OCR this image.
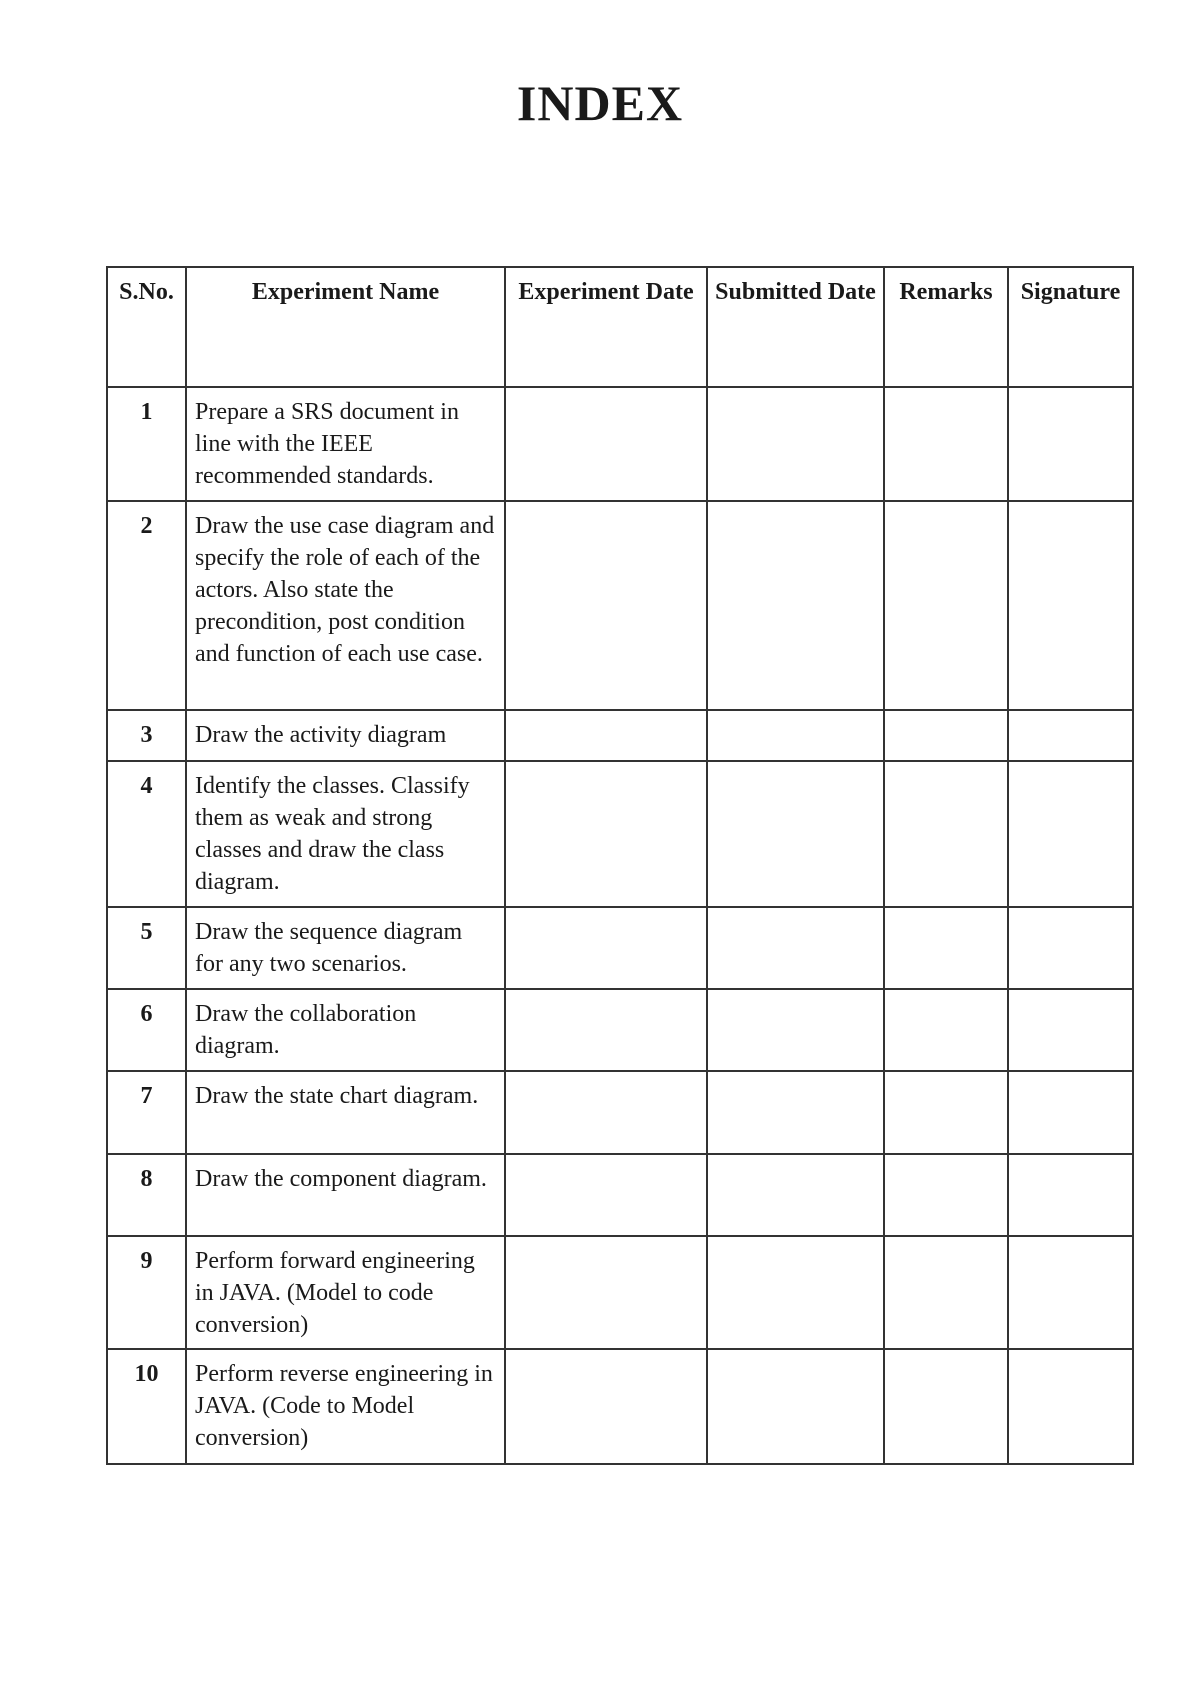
INDEX
S.No.	Experiment Name	Experiment Date	Submitted Date	Remarks	Signature
1	Prepare a SRS document in line with the IEEE recommended standards.				
2	Draw the use case diagram and specify the role of each of the actors. Also state the precondition, post condition and function of each use case.				
3	Draw the activity diagram				
4	Identify the classes. Classify them as weak and strong classes and draw the class diagram.				
5	Draw the sequence diagram for any two scenarios.				
6	Draw the collaboration diagram.				
7	Draw the state chart diagram.				
8	Draw the component diagram.				
9	Perform forward engineering in JAVA. (Model to code conversion)				
10	Perform reverse engineering in JAVA. (Code to Model conversion)				
